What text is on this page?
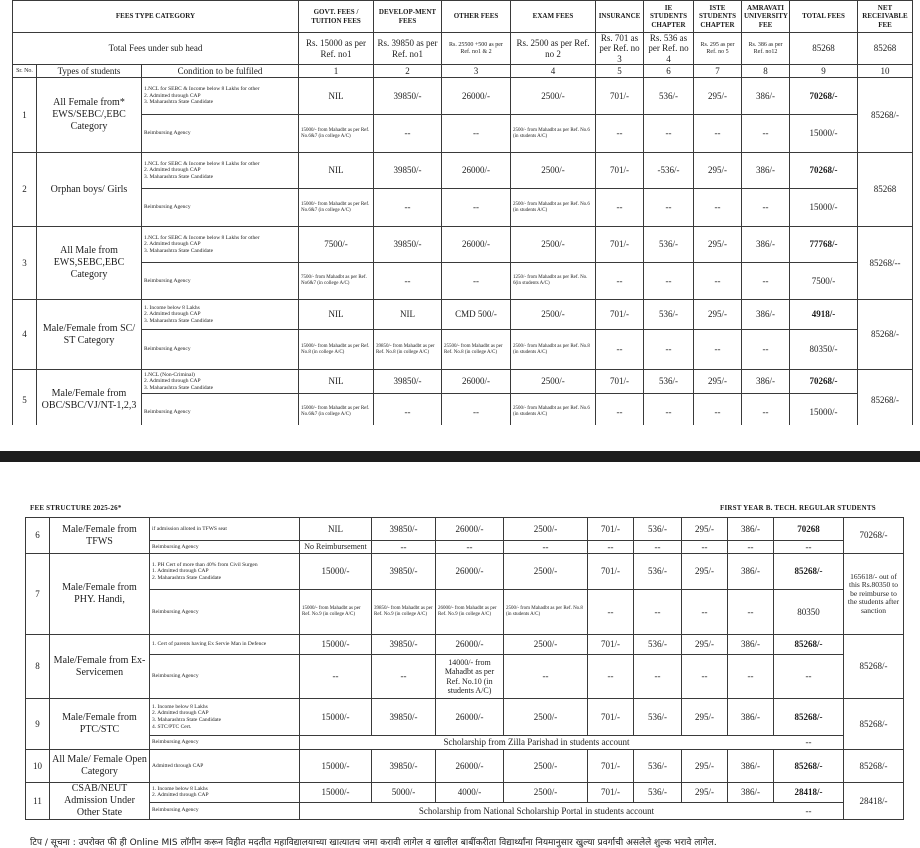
FEES TYPE CATEGORY			GOVT. FEES / TUITION FEES	DEVELOP-MENT FEES	OTHER FEES	EXAM FEES	INSURANCE	IE STUDENTS CHAPTER	ISTE STUDENTS CHAPTER	AMRAVATI UNIVERSITY FEE	TOTAL FEES	NET RECEIVABLE FEE
Total Fees under sub head			Rs. 15000 as per Ref. no1	Rs. 39850 as per Ref. no1	Rs. 25500 +500 as per Ref. no1 & 2	Rs. 2500 as per Ref. no 2	Rs. 701 as per Ref. no 3	Rs. 536 as per Ref. no 4	Rs. 295 as per Ref. no 5	Rs. 386 as per Ref. no12	85268	85268
Sr. No.	Types of students	Condition to be fulfiled	1	2	3	4	5	6	7	8	9	10
1	All Female from* EWS/SEBC/,EBC Category	1.NCL for SEBC & Income below 8 Lakhs for other
2. Admitted through CAP
3. Maharashtra State Candidate	NIL	39850/-	26000/-	2500/-	701/-	536/-	295/-	386/-	70268/-	85268/-
		Reimbursing Agency	15000/- from Mahadbt as per Ref. No.6&7 (in college A/C)	--	--	2500/- from Mahadbt as per Ref. No.6 (in students A/C)	--	--	--	--	15000/-	
2	Orphan boys/ Girls	1.NCL for SEBC & Income below 8 Lakhs for other
2. Admitted through CAP
3. Maharashtra State Candidate	NIL	39850/-	26000/-	2500/-	701/-	-536/-	295/-	386/-	70268/-	85268
		Reimbursing Agency	15000/- from Mahadbt as per Ref. No.6&7 (in college A/C)	--	--	2500/- from Mahadbt as per Ref. No.6 (in students A/C)	--	--	--	--	15000/-	
3	All Male from EWS,SEBC,EBC Category	1.NCL for SEBC & Income below 8 Lakhs for other
2. Admitted through CAP
3. Maharashtra State Candidate	7500/-	39850/-	26000/-	2500/-	701/-	536/-	295/-	386/-	77768/-	85268/--
		Reimbursing Agency	7500/- from Mahadbt as per Ref. No6&7 (in college A/C)	--	--	1250/- from Mahadbt as per Ref. No. 6(in students A/C)	--	--	--	--	7500/-	
4	Male/Female from SC/ ST Category	1. Income below 8 Lakhs
2. Admitted through CAP
3. Maharashtra State Candidate	NIL	NIL	CMD 500/-	2500/-	701/-	536/-	295/-	386/-	4918/-	85268/-
		Reimbursing Agency	15000/- from Mahadbt as per Ref. No.8 (in college A/C)	39850/- from Mahadbt as per Ref. No.8 (in college A/C)	25500/- from Mahadbt as per Ref. No.8 (in college A/C)	2500/- from Mahadbt as per Ref. No.8 (in students A/C)	--	--	--	--	80350/-	
5	Male/Female from OBC/SBC/VJ/NT-1,2,3	1.NCL (Non-Criminal)
2. Admitted through CAP
3. Maharashtra State Candidate	NIL	39850/-	26000/-	2500/-	701/-	536/-	295/-	386/-	70268/-	85268/-
		Reimbursing Agency	15000/- from Mahadbt as per Ref. No.6&7 (in college A/C)	--	--	2500/- from Mahadbt as per Ref. No.6 (in students A/C)	--	--	--	--	15000/-	
FEE STRUCTURE 2025-26*	FIRST YEAR B. TECH. REGULAR STUDENTS
6	Male/Female from TFWS	if admission alloted in TFWS seat	NIL	39850/-	26000/-	2500/-	701/-	536/-	295/-	386/-	70268	70268/-
		Reimbursing Agency	No Reimbursement	--	--	--	--	--	--	--	--	
7	Male/Female from PHY. Handi,	1. PH Cert of more than 40% from Civil Surgen
1. Admitted through CAP
2. Maharashtra State Candidate	15000/-	39850/-	26000/-	2500/-	701/-	536/-	295/-	386/-	85268/-	165618/- out of this Rs.80350 to be reimburse to the students after sanction
		Reimbursing Agency	15000/- from Mahadbt as per Ref. No.9 (in college A/C)	39850/- from Mahadbt as per Ref. No.9 (in college A/C)	26000/- from Mahadbt as per Ref. No.9 (in college A/C)	2500/- from Mahadbt as per Ref. No.8 (in students A/C)	--	--	--	--	80350	
8	Male/Female from Ex-Servicemen	1. Cert of parents having Ex Servie Man in Defence	15000/-	39850/-	26000/-	2500/-	701/-	536/-	295/-	386/-	85268/-	85268/-
		Reimbursing Agency	--	--	14000/- from Mahadbt as per Ref. No.10 (in students A/C)	--	--	--	--	--	--	
9	Male/Female from PTC/STC	1. Income below 8 Lakhs
2. Admitted through CAP
3. Maharashtra State Candidate
4. STC/PTC Cert.	15000/-	39850/-	26000/-	2500/-	701/-	536/-	295/-	386/-	85268/-	85268/-
		Reimbursing Agency	Scholarship from Zilla Parishad in students account								--	
10	All Male/ Female Open Category	Admitted through CAP	15000/-	39850/-	26000/-	2500/-	701/-	536/-	295/-	386/-	85268/-	85268/-
11	CSAB/NEUT Admission Under Other State	1. Income below 8 Lakhs
2. Admitted through CAP	15000/-	5000/-	4000/-	2500/-	701/-	536/-	295/-	386/-	28418/-	28418/-
		Reimbursing Agency	Scholarship from National Scholarship Portal in students account								--	
टिप / सूचना : उपरोक्त फी ही Online MIS लॉगीन करून विहीत मदतीत महाविद्यालयाच्या खात्यातच जमा करावी लागेल व खालील बाबींकरीता विद्यार्थ्यांना नियमानुसार खुल्या प्रवर्गाची असलेले शुल्क भरावे लागेल.
